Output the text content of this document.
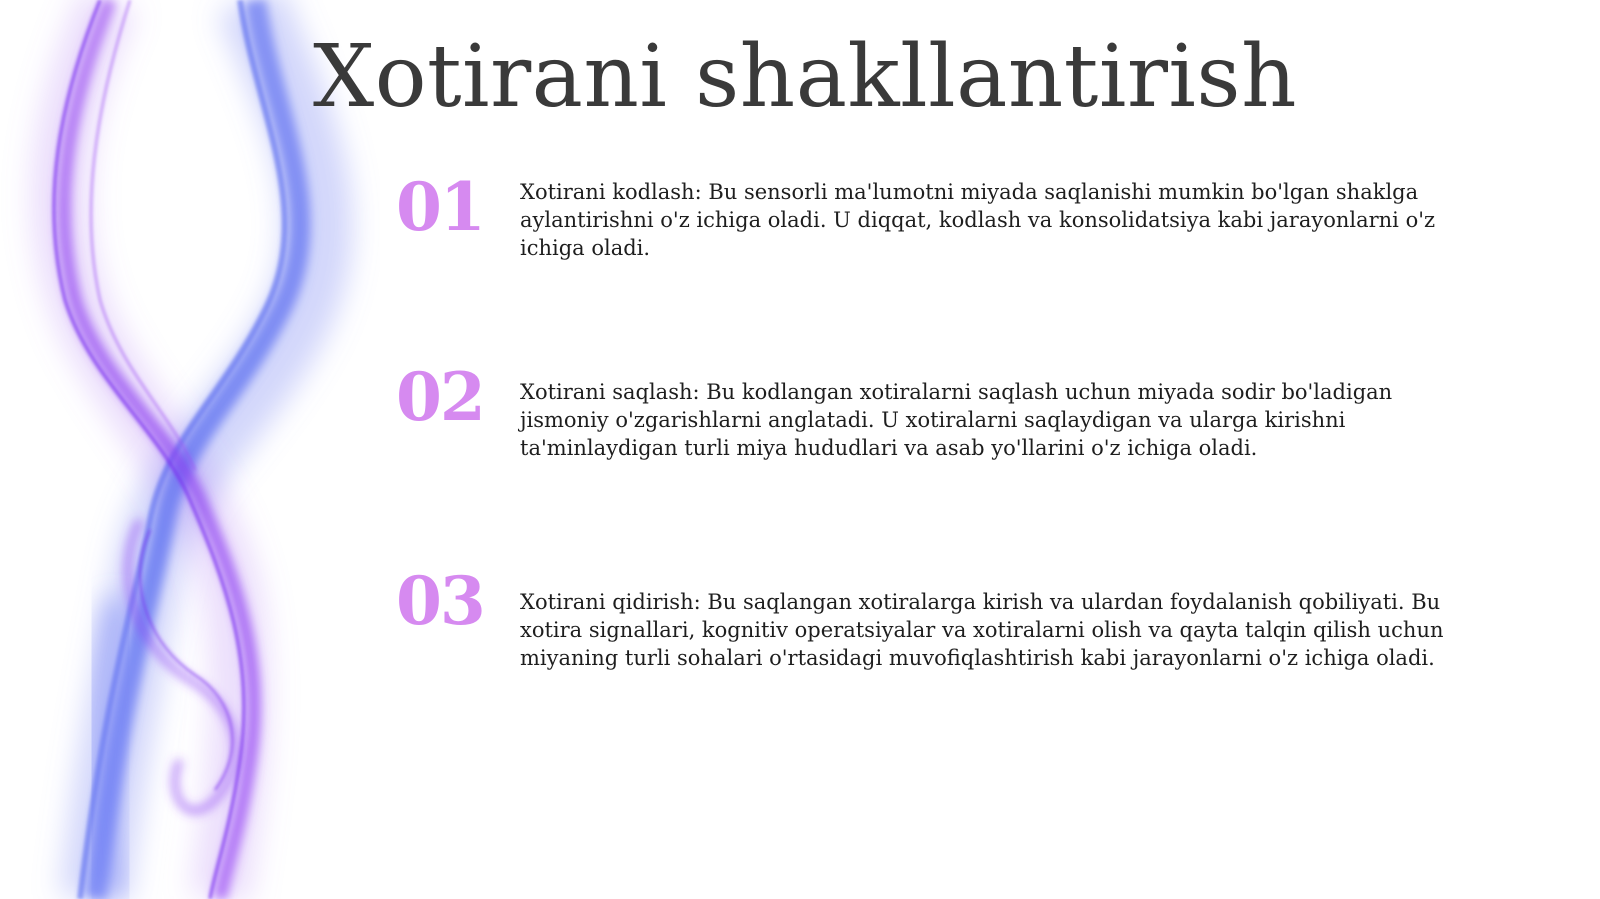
Xotirani shakllantirish
01	Xotirani kodlash: Bu sensorli ma'lumotni miyada saqlanishi mumkin bo'lgan shaklga aylantirishni o'z ichiga oladi. U diqqat, kodlash va konsolidatsiya kabi jarayonlarni o'z ichiga oladi.

02	Xotirani saqlash: Bu kodlangan xotiralarni saqlash uchun miyada sodir bo'ladigan jismoniy o'zgarishlarni anglatadi. U xotiralarni saqlaydigan va ularga kirishni ta'minlaydigan turli miya hududlari va asab yo'llarini o'z ichiga oladi.

03	Xotirani qidirish: Bu saqlangan xotiralarga kirish va ulardan foydalanish qobiliyati. Bu xotira signallari, kognitiv operatsiyalar va xotiralarni olish va qayta talqin qilish uchun miyaning turli sohalari o'rtasidagi muvofiqlashtirish kabi jarayonlarni o'z ichiga oladi.
